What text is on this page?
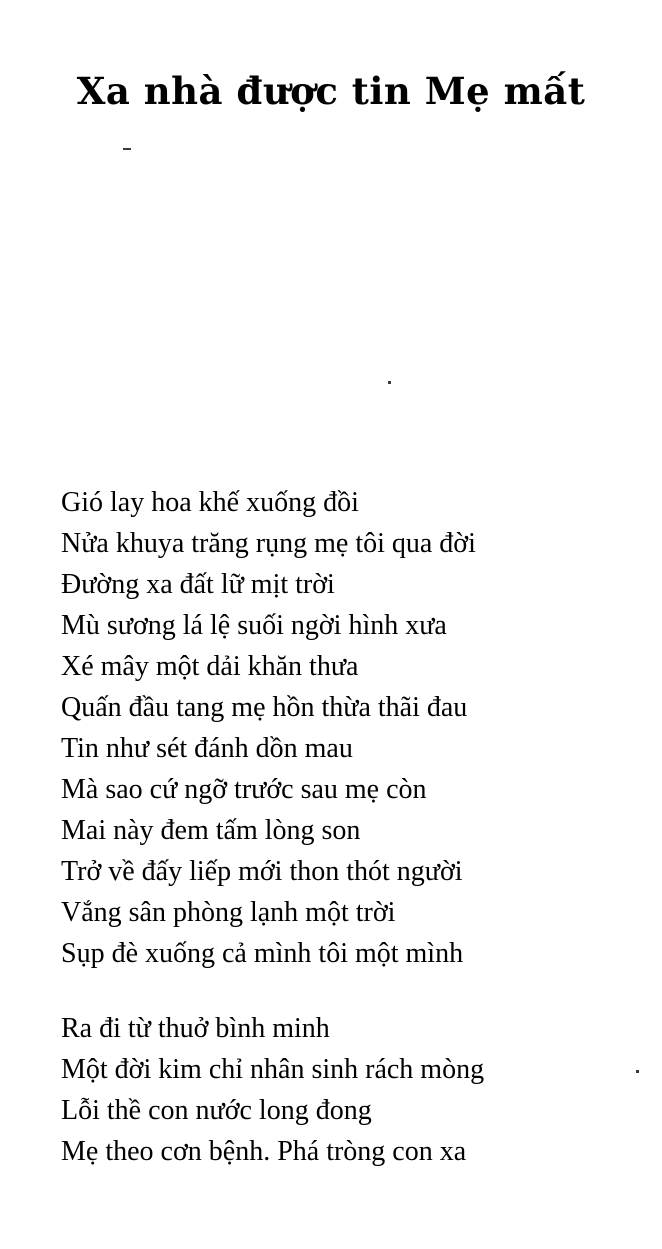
Xa nhà được tin Mẹ mất
Gió lay hoa khế xuống đồi
Nửa khuya trăng rụng mẹ tôi qua đời
Đường xa đất lữ mịt trời
Mù sương lá lệ suối ngời hình xưa
Xé mây một dải khăn thưa
Quấn đầu tang mẹ hồn thừa thãi đau
Tin như sét đánh dồn mau
Mà sao cứ ngỡ trước sau mẹ còn
Mai này đem tấm lòng son
Trở về đấy liếp mới thon thót người
Vắng sân phòng lạnh một trời
Sụp đè xuống cả mình tôi một mình
Ra đi từ thuở bình minh
Một đời kim chỉ nhân sinh rách mòng
Lỗi thề con nước long đong
Mẹ theo cơn bệnh. Phá tròng con xa
